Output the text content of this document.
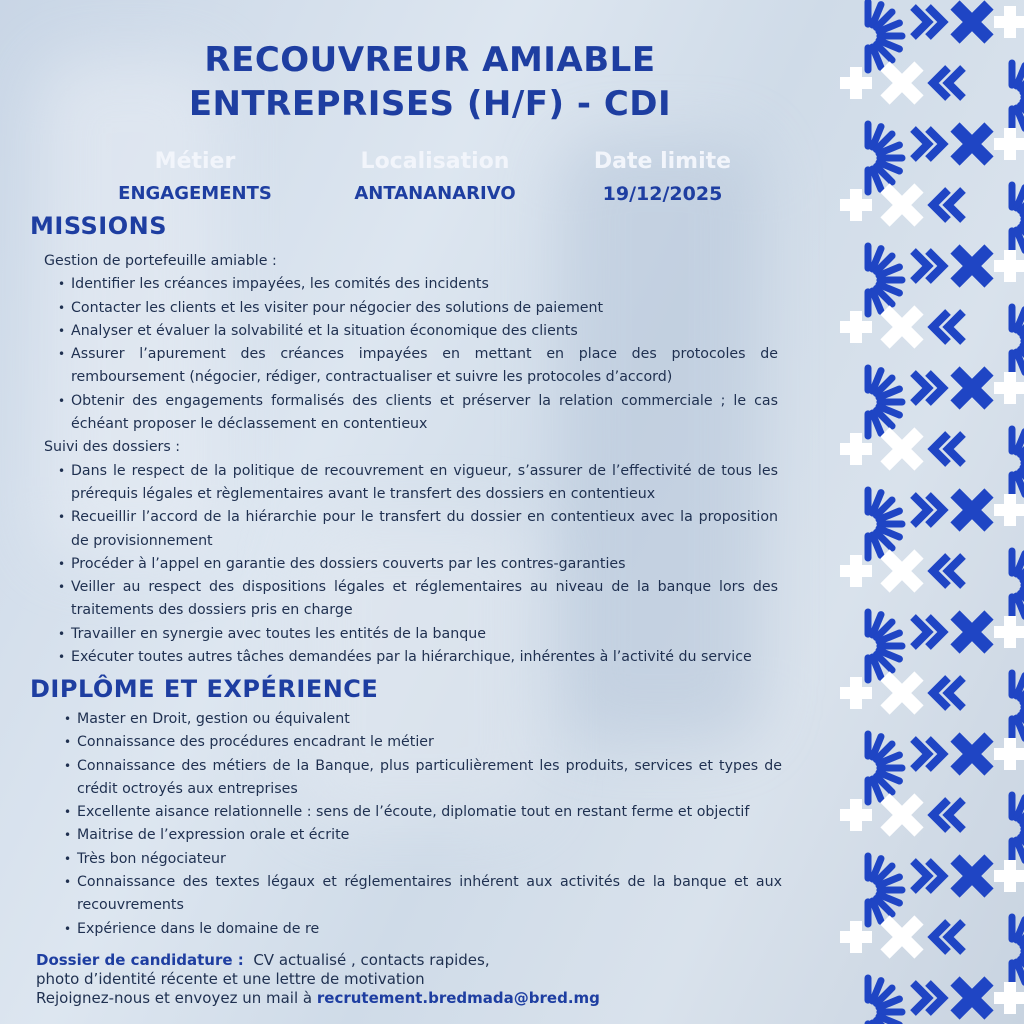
RECOUVREUR AMIABLE
ENTREPRISES (H/F) - CDI
Métier
ENGAGEMENTS
Localisation
ANTANANARIVO
Date limite
19/12/2025
MISSIONS
Gestion de portefeuille amiable :
• Identifier les créances impayées, les comités des incidents
• Contacter les clients et les visiter pour négocier des solutions de paiement
• Analyser et évaluer la solvabilité et la situation économique des clients
• Assurer l’apurement des créances impayées en mettant en place des protocoles de remboursement (négocier, rédiger, contractualiser et suivre les protocoles d’accord)
• Obtenir des engagements formalisés des clients et préserver la relation commerciale ; le cas échéant proposer le déclassement en contentieux
Suivi des dossiers :
• Dans le respect de la politique de recouvrement en vigueur, s’assurer de l’effectivité de tous les prérequis légales et règlementaires avant le transfert des dossiers en contentieux
• Recueillir l’accord de la hiérarchie pour le transfert du dossier en contentieux avec la proposition de provisionnement
• Procéder à l’appel en garantie des dossiers couverts par les contres-garanties
• Veiller au respect des dispositions légales et réglementaires au niveau de la banque lors des traitements des dossiers pris en charge
• Travailler en synergie avec toutes les entités de la banque
• Exécuter toutes autres tâches demandées par la hiérarchique, inhérentes à l’activité du service
DIPLÔME ET EXPÉRIENCE
• Master en Droit, gestion ou équivalent
• Connaissance des procédures encadrant le métier
• Connaissance des métiers de la Banque, plus particulièrement les produits, services et types de crédit octroyés aux entreprises
• Excellente aisance relationnelle : sens de l’écoute, diplomatie tout en restant ferme et objectif
• Maitrise de l’expression orale et écrite
• Très bon négociateur
• Connaissance des textes légaux et réglementaires inhérent aux activités de la banque et aux recouvrements
• Expérience dans le domaine de re
Dossier de candidature : CV actualisé , contacts rapides,
photo d’identité récente et une lettre de motivation
Rejoignez-nous et envoyez un mail à recrutement.bredmada@bred.mg
